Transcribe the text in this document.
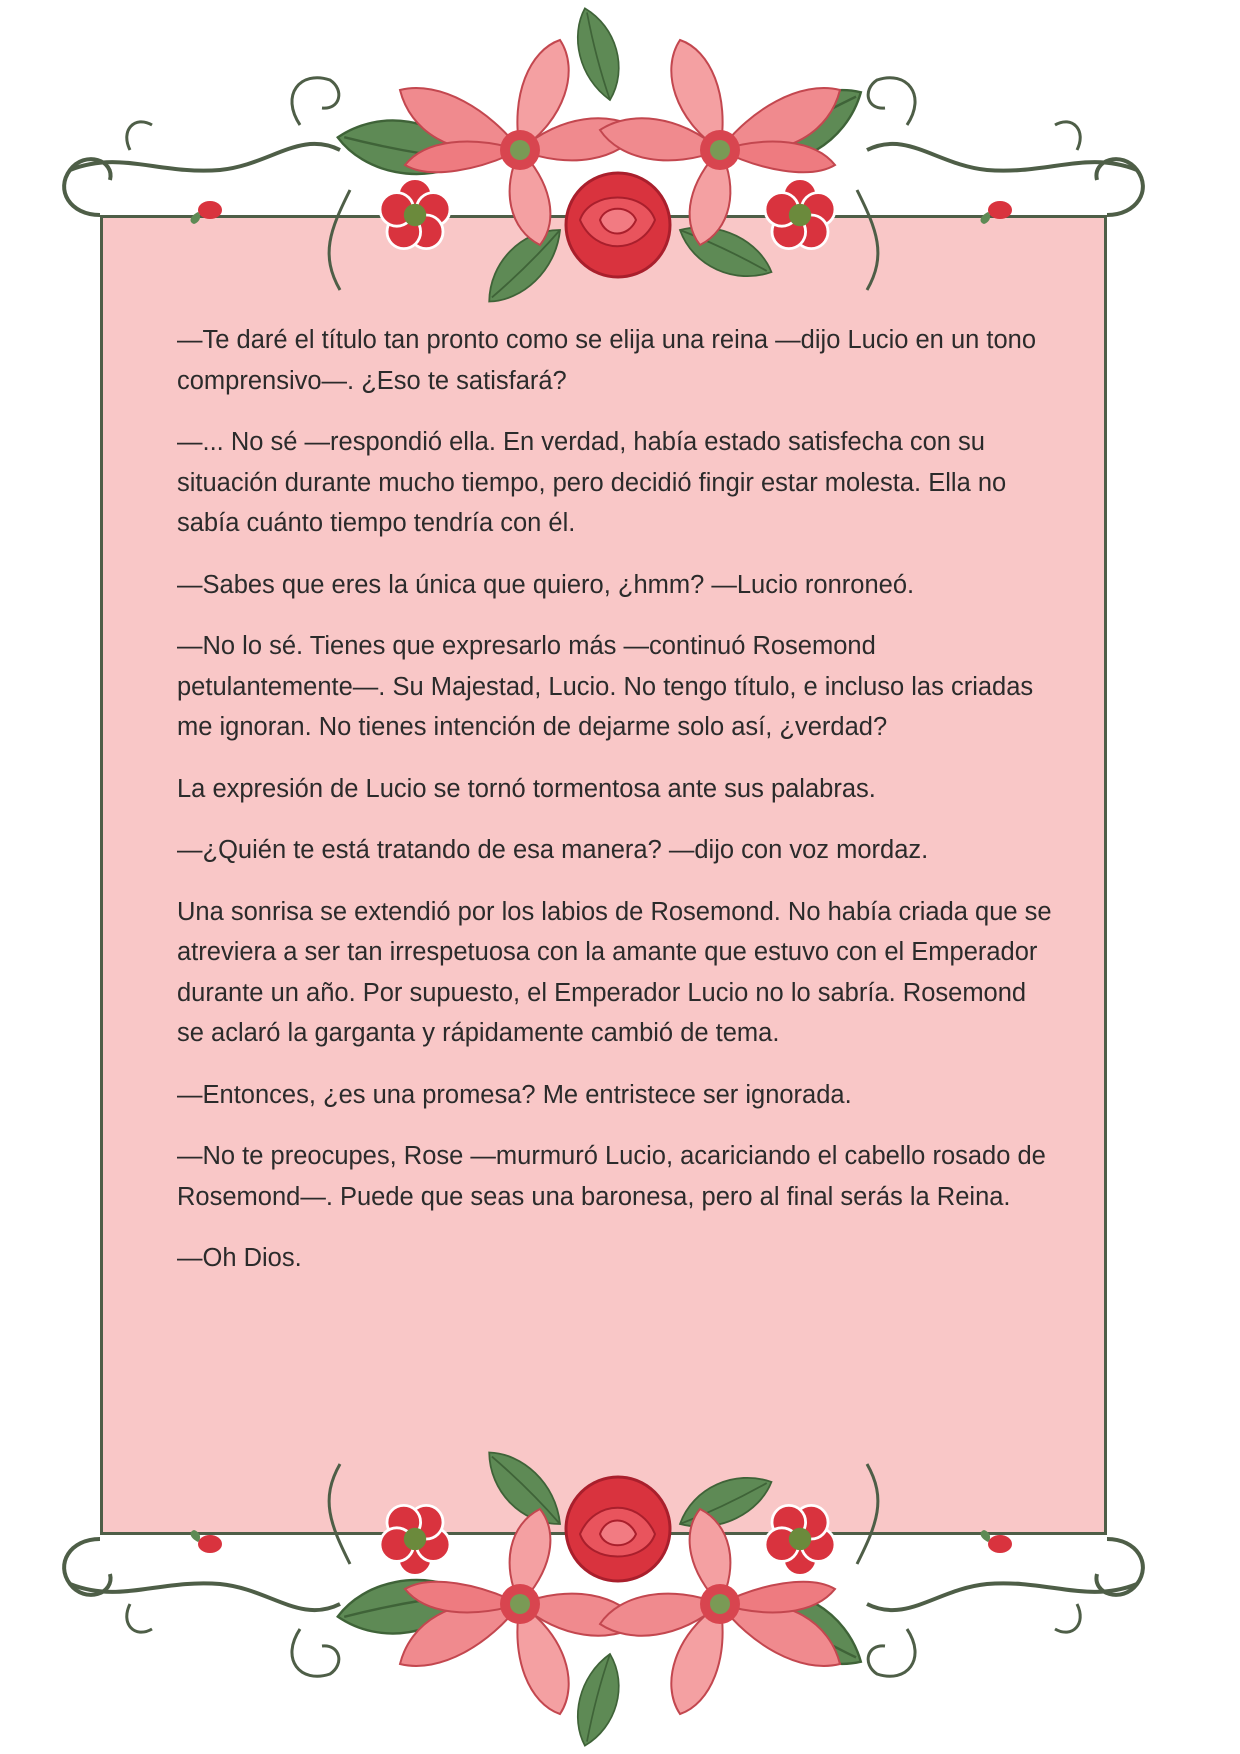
—Te daré el título tan pronto como se elija una reina —dijo Lucio en un tono comprensivo—. ¿Eso te satisfará?

—... No sé —respondió ella. En verdad, había estado satisfecha con su situación durante mucho tiempo, pero decidió fingir estar molesta. Ella no sabía cuánto tiempo tendría con él.

—Sabes que eres la única que quiero, ¿hmm? —Lucio ronroneó.

—No lo sé. Tienes que expresarlo más —continuó Rosemond petulantemente—. Su Majestad, Lucio. No tengo título, e incluso las criadas me ignoran. No tienes intención de dejarme solo así, ¿verdad?

La expresión de Lucio se tornó tormentosa ante sus palabras.

—¿Quién te está tratando de esa manera? —dijo con voz mordaz.

Una sonrisa se extendió por los labios de Rosemond. No había criada que se atreviera a ser tan irrespetuosa con la amante que estuvo con el Emperador durante un año. Por supuesto, el Emperador Lucio no lo sabría. Rosemond se aclaró la garganta y rápidamente cambió de tema.

—Entonces, ¿es una promesa? Me entristece ser ignorada.

—No te preocupes, Rose —murmuró Lucio, acariciando el cabello rosado de Rosemond—. Puede que seas una baronesa, pero al final serás la Reina.

—Oh Dios.
